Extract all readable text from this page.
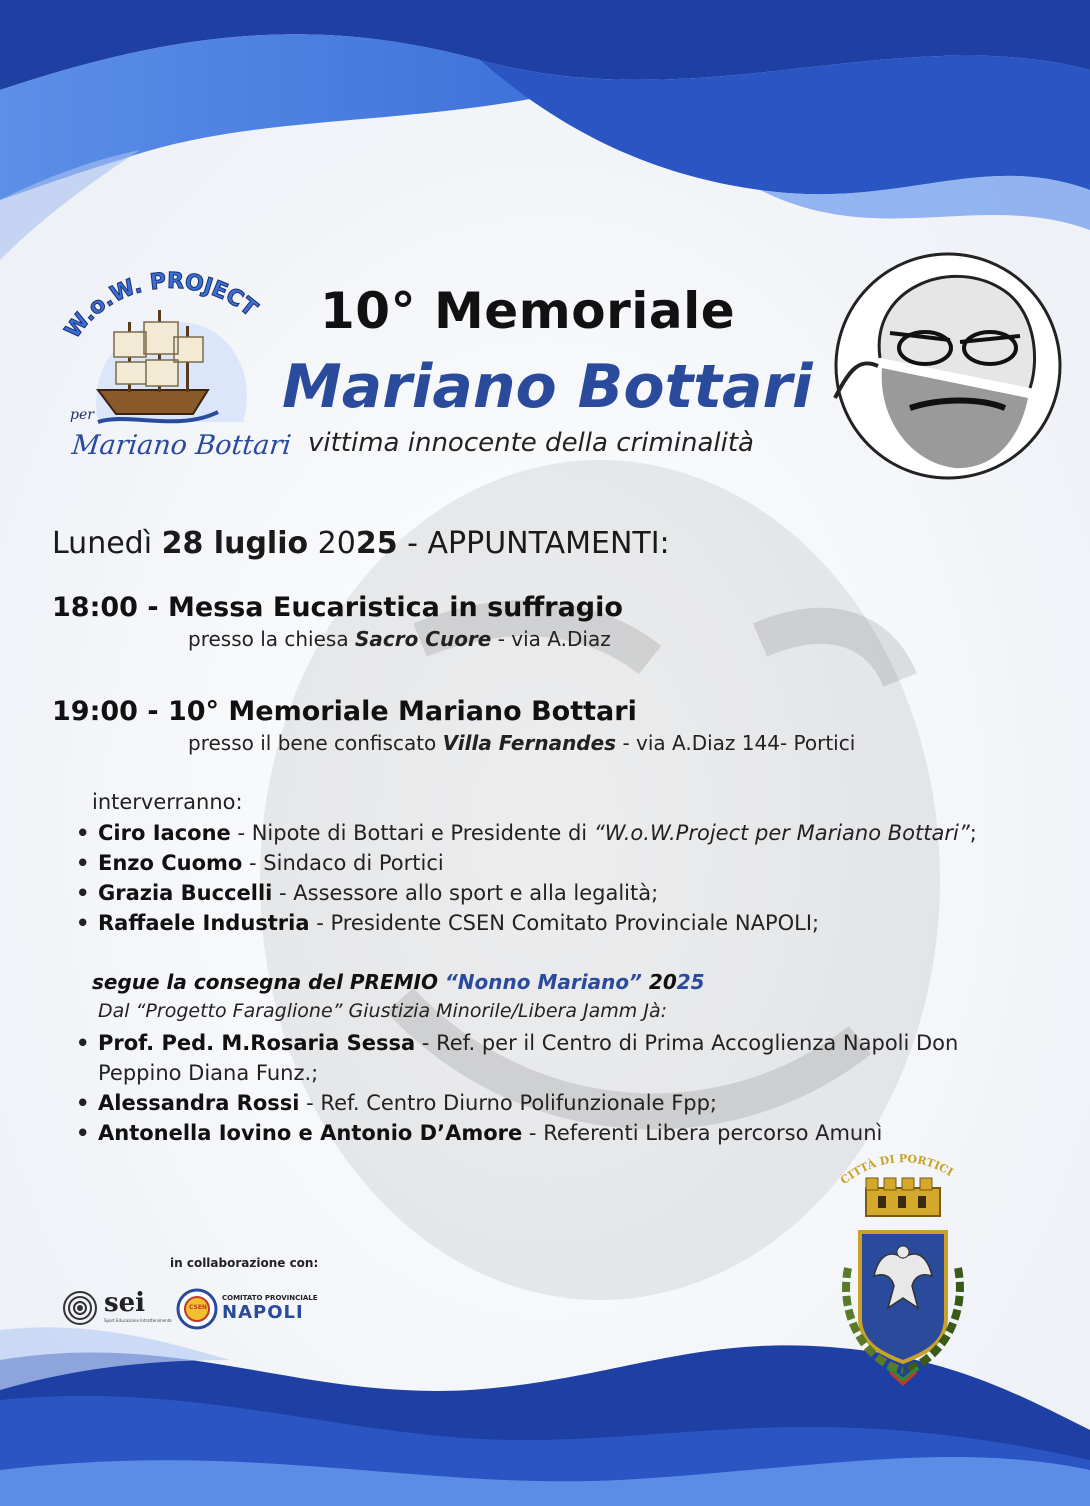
W.o.W. PROJECT
per
Mariano Bottari
10° Memoriale
Mariano Bottari
vittima innocente della criminalità
Lunedì 28 luglio 2025 - APPUNTAMENTI:
18:00 - Messa Eucaristica in suffragio
presso la chiesa Sacro Cuore - via A.Diaz
19:00 - 10° Memoriale Mariano Bottari
presso il bene confiscato Villa Fernandes - via A.Diaz 144- Portici
interverranno:
• Ciro Iacone - Nipote di Bottari e Presidente di “W.o.W.Project per Mariano Bottari”;
• Enzo Cuomo - Sindaco di Portici
• Grazia Buccelli - Assessore allo sport e alla legalità;
• Raffaele Industria - Presidente CSEN Comitato Provinciale NAPOLI;
segue la consegna del PREMIO “Nonno Mariano” 2025
Dal “Progetto Faraglione” Giustizia Minorile/Libera Jamm Jà:
• Prof. Ped. M.Rosaria Sessa - Ref. per il Centro di Prima Accoglienza Napoli Don Peppino Diana Funz.;
• Alessandra Rossi - Ref. Centro Diurno Polifunzionale Fpp;
• Antonella Iovino e Antonio D’Amore - Referenti Libera percorso Amunì
in collaborazione con:
sei
Sport Educazione Intrattenimento
CSEN
COMITATO PROVINCIALE
NAPOLI
CITTÀ DI PORTICI
